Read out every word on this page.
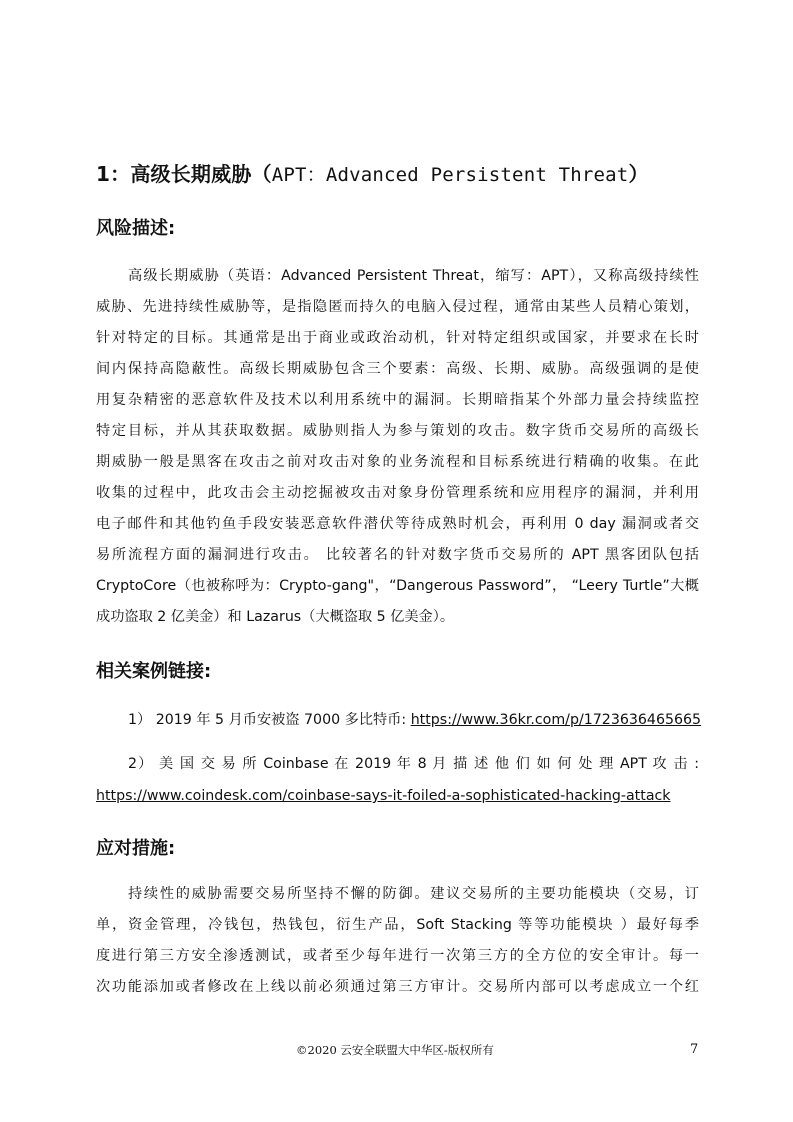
1：高级长期威胁（APT：Advanced Persistent Threat）
风险描述:
高级长期威胁（英语：Advanced Persistent Threat，缩写：APT），又称高级持续性
威胁、先进持续性威胁等，是指隐匿而持久的电脑入侵过程，通常由某些人员精心策划，
针对特定的目标。其通常是出于商业或政治动机，针对特定组织或国家，并要求在长时
间内保持高隐蔽性。高级长期威胁包含三个要素：高级、长期、威胁。高级强调的是使
用复杂精密的恶意软件及技术以利用系统中的漏洞。长期暗指某个外部力量会持续监控
特定目标，并从其获取数据。威胁则指人为参与策划的攻击。数字货币交易所的高级长
期威胁一般是黑客在攻击之前对攻击对象的业务流程和目标系统进行精确的收集。在此
收集的过程中，此攻击会主动挖掘被攻击对象身份管理系统和应用程序的漏洞，并利用
电子邮件和其他钓鱼手段安装恶意软件潜伏等待成熟时机会，再利用 0 day 漏洞或者交
易所流程方面的漏洞进行攻击。 比较著名的针对数字货币交易所的 APT 黑客团队包括
CryptoCore（也被称呼为：Crypto-gang"，“Dangerous Password”， “Leery Turtle”大概
成功盗取 2 亿美金）和 Lazarus（大概盗取 5 亿美金）。
相关案例链接:
1） 2019 年 5 月币安被盗 7000 多比特币: https://www.36kr.com/p/1723636465665
2） 美 国 交 易 所 Coinbase 在 2019 年 8 月 描 述 他 们 如 何 处 理 APT 攻 击 :
https://www.coindesk.com/coinbase-says-it-foiled-a-sophisticated-hacking-attack
应对措施:
持续性的威胁需要交易所坚持不懈的防御。建议交易所的主要功能模块（交易，订
单，资金管理，冷钱包，热钱包，衍生产品，Soft Stacking 等等功能模块 ）最好每季
度进行第三方安全渗透测试，或者至少每年进行一次第三方的全方位的安全审计。每一
次功能添加或者修改在上线以前必须通过第三方审计。交易所内部可以考虑成立一个红
©2020 云安全联盟大中华区-版权所有	7
